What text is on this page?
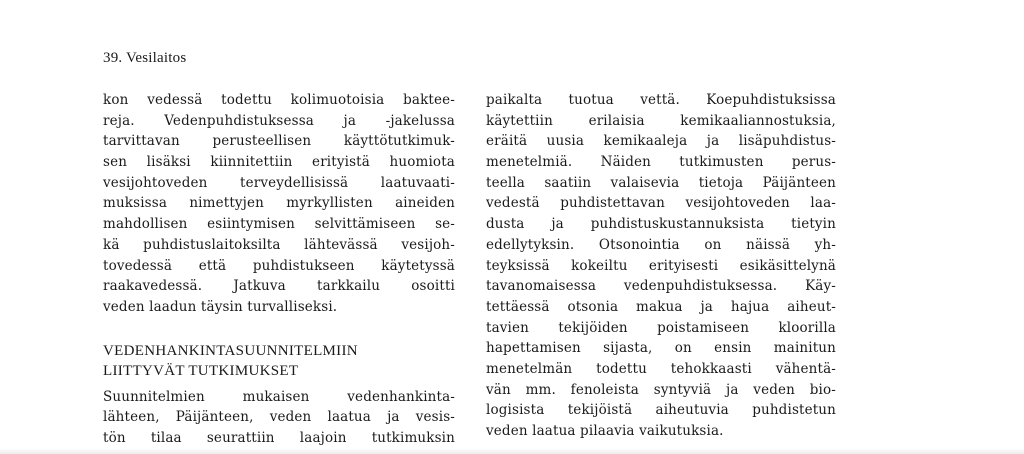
39. Vesilaitos
kon vedessä todettu kolimuotoisia baktee-
reja. Vedenpuhdistuksessa ja -jakelussa
tarvittavan perusteellisen käyttötutkimuk-
sen lisäksi kiinnitettiin erityistä huomiota
vesijohtoveden terveydellisissä laatuvaati-
muksissa nimettyjen myrkyllisten aineiden
mahdollisen esiintymisen selvittämiseen se-
kä puhdistuslaitoksilta lähtevässä vesijoh-
tovedessä että puhdistukseen käytetyssä
raakavedessä. Jatkuva tarkkailu osoitti
veden laadun täysin turvalliseksi.
VEDENHANKINTASUUNNITELMIIN
LIITTYVÄT TUTKIMUKSET
Suunnitelmien mukaisen vedenhankinta-
lähteen, Päijänteen, veden laatua ja vesis-
tön tilaa seurattiin laajoin tutkimuksin
paikalta tuotua vettä. Koepuhdistuksissa
käytettiin erilaisia kemikaaliannostuksia,
eräitä uusia kemikaaleja ja lisäpuhdistus-
menetelmiä. Näiden tutkimusten perus-
teella saatiin valaisevia tietoja Päijänteen
vedestä puhdistettavan vesijohtoveden laa-
dusta ja puhdistuskustannuksista tietyin
edellytyksin. Otsonointia on näissä yh-
teyksissä kokeiltu erityisesti esikäsittelynä
tavanomaisessa vedenpuhdistuksessa. Käy-
tettäessä otsonia makua ja hajua aiheut-
tavien tekijöiden poistamiseen kloorilla
hapettamisen sijasta, on ensin mainitun
menetelmän todettu tehokkaasti vähentä-
vän mm. fenoleista syntyviä ja veden bio-
logisista tekijöistä aiheutuvia puhdistetun
veden laatua pilaavia vaikutuksia.
